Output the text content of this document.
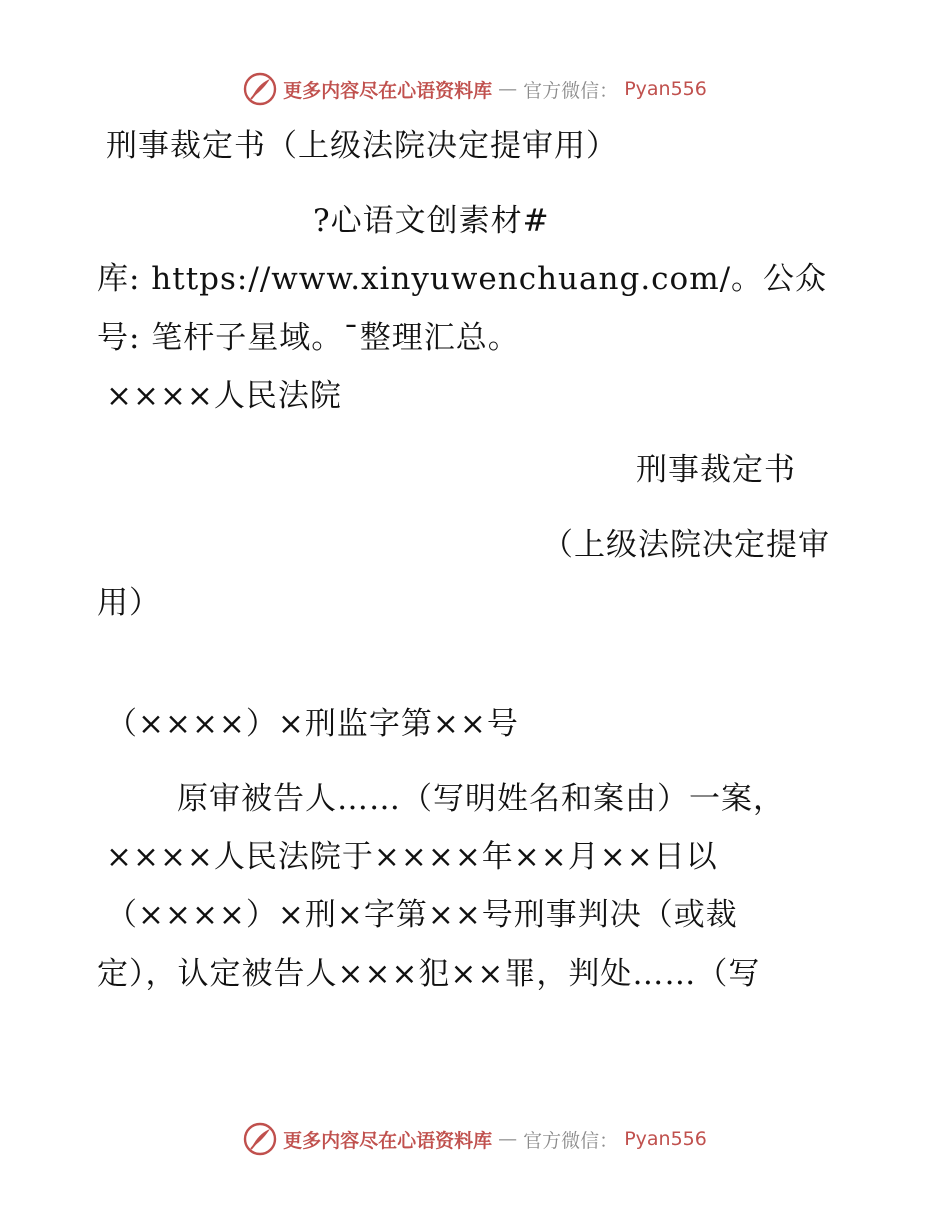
更多内容尽在心语资料库 — 官方微信： Pyan556
刑事裁定书（上级法院决定提审用）
?心语文创素材#
库: https://www.xinyuwenchuang.com/。公众
号: 笔杆子星域。¯整理汇总。
××××人民法院
刑事裁定书
（上级法院决定提审
用）
（××××）×刑监字第××号
原审被告人……（写明姓名和案由）一案，
××××人民法院于××××年××月××日以
（××××）×刑×字第××号刑事判决（或裁
定），认定被告人×××犯××罪，判处……（写
更多内容尽在心语资料库 — 官方微信： Pyan556
